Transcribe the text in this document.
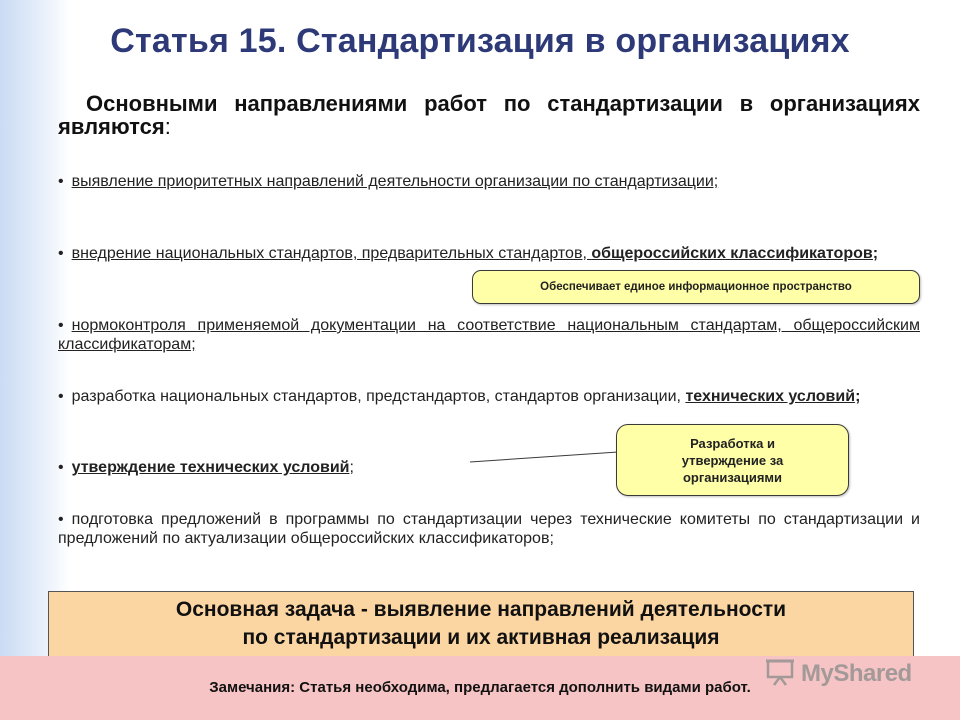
Статья 15. Стандартизация в организациях
Основными направлениями работ по стандартизации в организациях являются:
• выявление приоритетных направлений деятельности организации по стандартизации;
• внедрение национальных стандартов, предварительных стандартов, общероссийских классификаторов;
• нормоконтроля применяемой документации на соответствие национальным стандартам, общероссийским классификаторам;
• разработка национальных стандартов, предстандартов, стандартов организации, технических условий;
• утверждение технических условий;
• подготовка предложений в программы по стандартизации через технические комитеты по стандартизации и предложений по актуализации общероссийских классификаторов;
Обеспечивает единое информационное пространство
Разработка и утверждение за организациями
Основная задача - выявление направлений деятельности
по стандартизации и их активная реализация
Замечания: Статья необходима, предлагается дополнить видами работ.
MyShared
